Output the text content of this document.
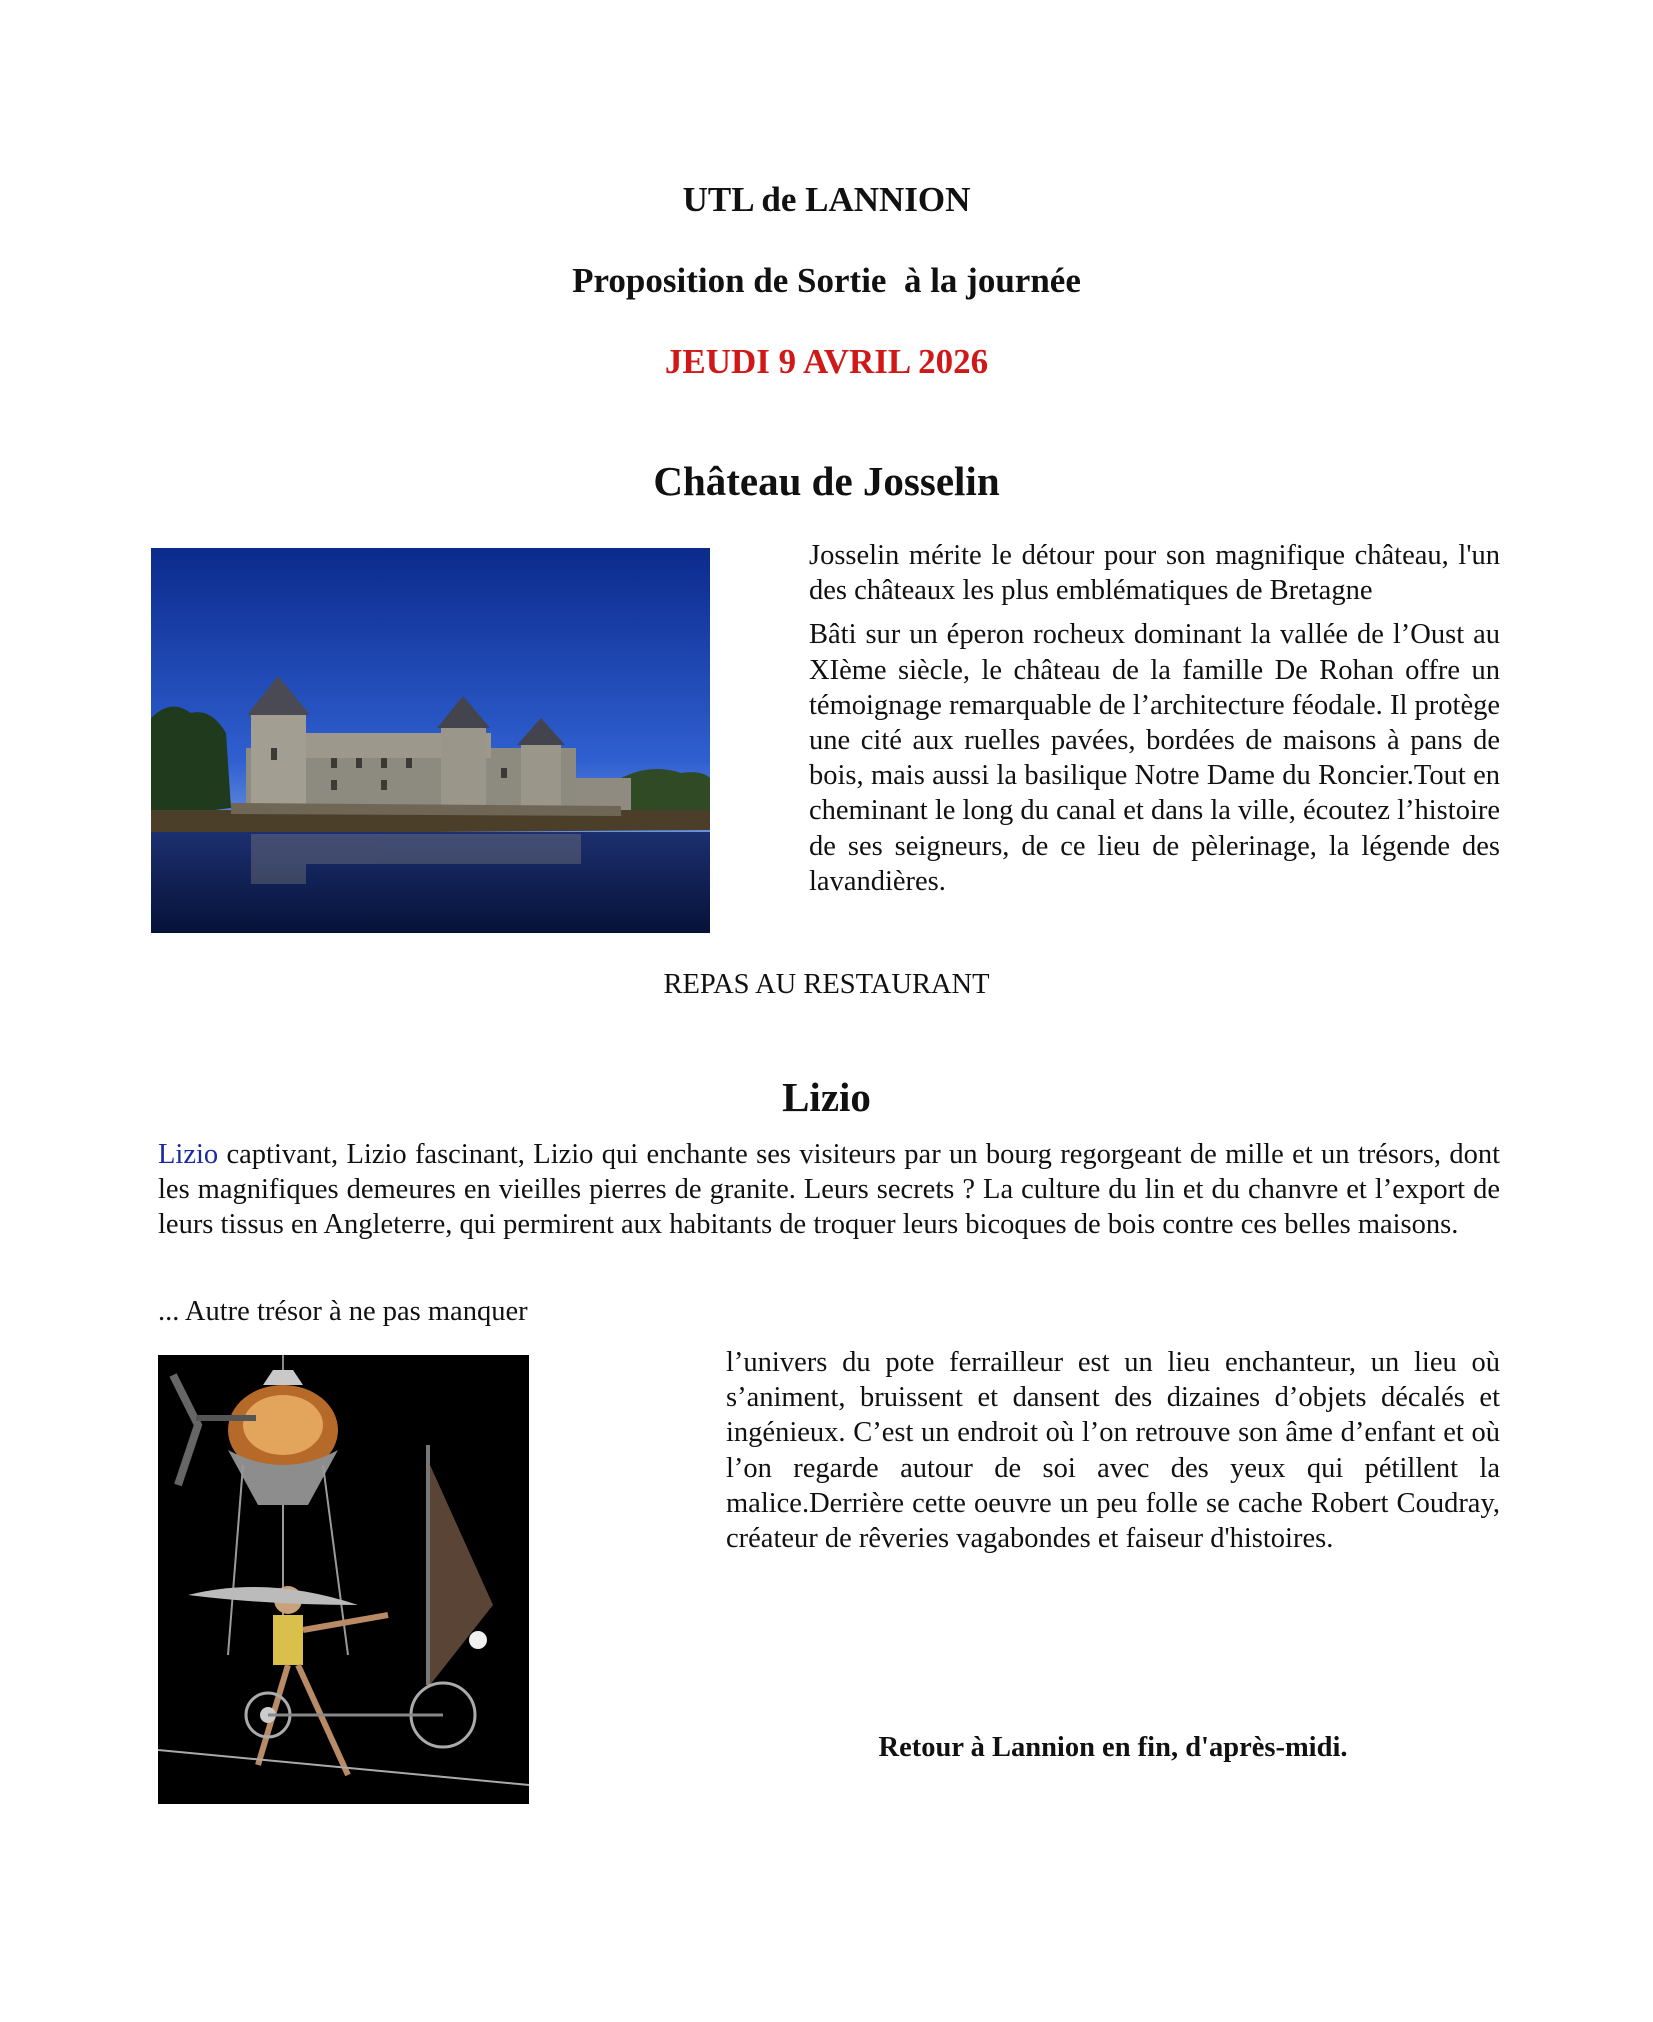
UTL de LANNION
Proposition de Sortie  à la journée
JEUDI 9 AVRIL 2026
Château de Josselin

Josselin mérite le détour pour son magnifique château, l'un des châteaux les plus emblématiques de Bretagne

Bâti sur un éperon rocheux dominant la vallée de l’Oust au XIème siècle, le château de la famille De Rohan offre un témoignage remarquable de l’architecture féodale. Il protège une cité aux ruelles pavées, bordées de maisons à pans de bois, mais aussi la basilique Notre Dame du Roncier.Tout en cheminant le long du canal et dans la ville, écoutez l’histoire de ses seigneurs, de ce lieu de pèlerinage, la légende des lavandières.

REPAS AU RESTAURANT
Lizio

Lizio captivant, Lizio fascinant, Lizio qui enchante ses visiteurs par un bourg regorgeant de mille et un trésors, dont les magnifiques demeures en vieilles pierres de granite. Leurs secrets ? La culture du lin et du chanvre et l’export de leurs tissus en Angleterre, qui permirent aux habitants de troquer leurs bicoques de bois contre ces belles maisons.

... Autre trésor à ne pas manquer

l’univers du pote ferrailleur est un lieu enchanteur, un lieu où s’animent, bruissent et dansent des dizaines d’objets décalés et ingénieux. C’est un endroit où l’on retrouve son âme d’enfant et où l’on regarde autour de soi avec des yeux qui pétillent la malice.Derrière cette oeuvre un peu folle se cache Robert Coudray, créateur de rêveries vagabondes et faiseur d'histoires.

Retour à Lannion en fin, d'après-midi.
